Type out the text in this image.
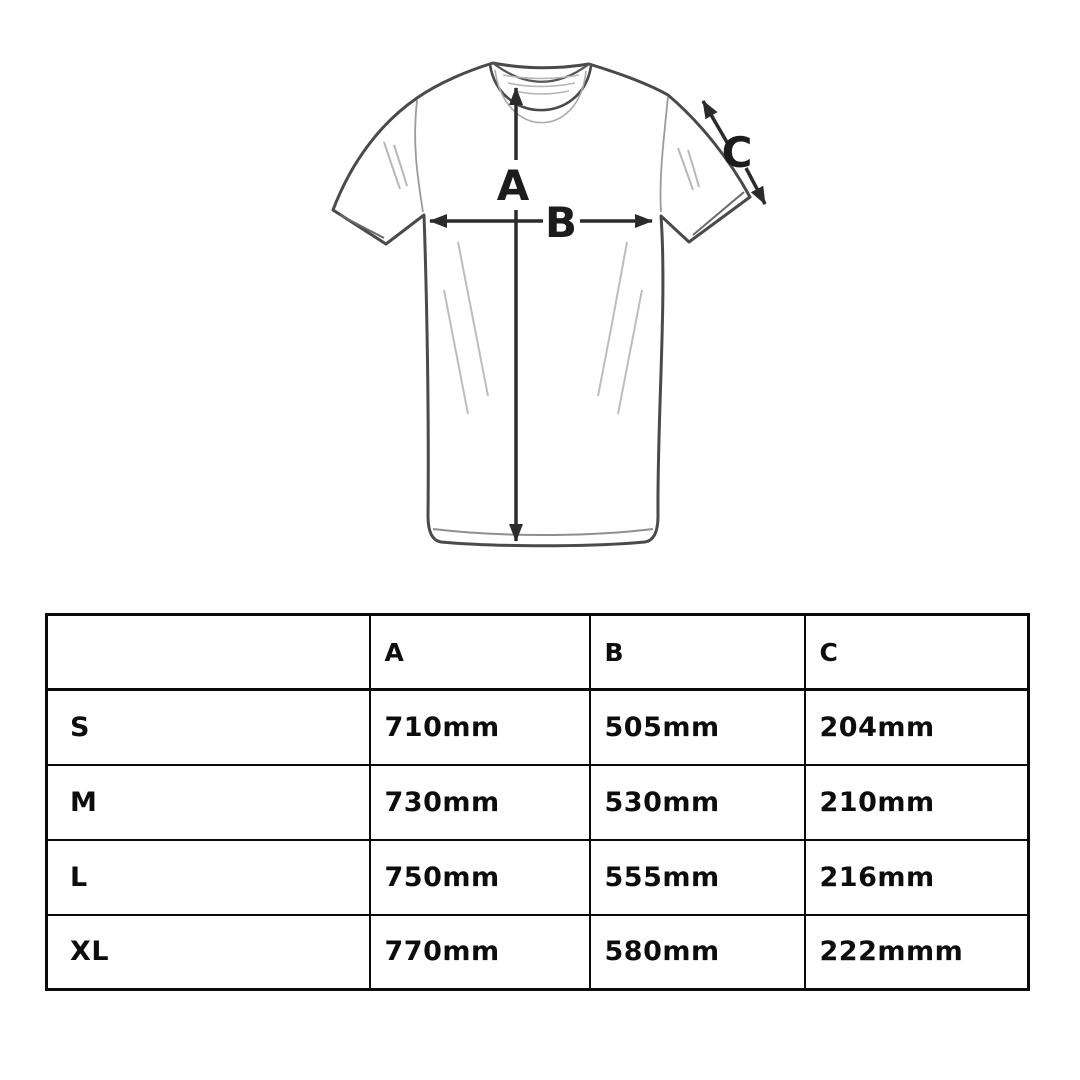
A
B
C
	A	B	C
S	710mm	505mm	204mm
M	730mm	530mm	210mm
L	750mm	555mm	216mm
XL	770mm	580mm	222mmm
